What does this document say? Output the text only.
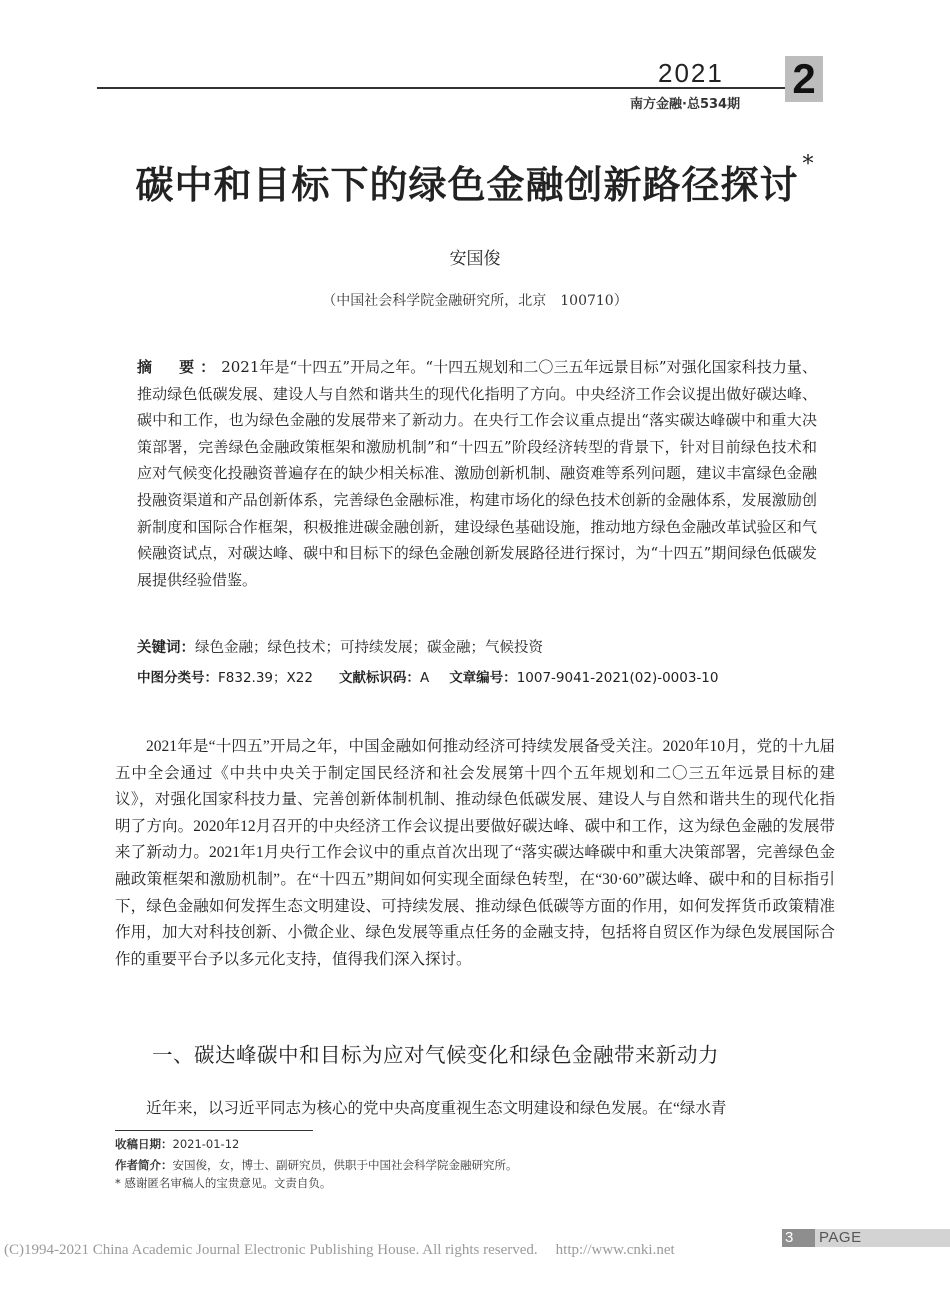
2021
南方金融·总534期
2
碳中和目标下的绿色金融创新路径探讨 *
安国俊
（中国社会科学院金融研究所，北京　100710）

摘　要：2021年是“十四五”开局之年。“十四五规划和二〇三五年远景目标”对强化国家科技力量、推动绿色低碳发展、建设人与自然和谐共生的现代化指明了方向。中央经济工作会议提出做好碳达峰、碳中和工作，也为绿色金融的发展带来了新动力。在央行工作会议重点提出“落实碳达峰碳中和重大决策部署，完善绿色金融政策框架和激励机制”和“十四五”阶段经济转型的背景下，针对目前绿色技术和应对气候变化投融资普遍存在的缺少相关标准、激励创新机制、融资难等系列问题，建议丰富绿色金融投融资渠道和产品创新体系，完善绿色金融标准，构建市场化的绿色技术创新的金融体系，发展激励创新制度和国际合作框架，积极推进碳金融创新，建设绿色基础设施，推动地方绿色金融改革试验区和气候融资试点，对碳达峰、碳中和目标下的绿色金融创新发展路径进行探讨，为“十四五”期间绿色低碳发展提供经验借鉴。

关键词：绿色金融；绿色技术；可持续发展；碳金融；气候投资
中图分类号：F832.39；X22 文献标识码：A 文章编号：1007-9041-2021(02)-0003-10

2021年是“十四五”开局之年，中国金融如何推动经济可持续发展备受关注。2020年10月，党的十九届五中全会通过《中共中央关于制定国民经济和社会发展第十四个五年规划和二〇三五年远景目标的建议》，对强化国家科技力量、完善创新体制机制、推动绿色低碳发展、建设人与自然和谐共生的现代化指明了方向。2020年12月召开的中央经济工作会议提出要做好碳达峰、碳中和工作，这为绿色金融的发展带来了新动力。2021年1月央行工作会议中的重点首次出现了“落实碳达峰碳中和重大决策部署，完善绿色金融政策框架和激励机制”。在“十四五”期间如何实现全面绿色转型，在“30·60”碳达峰、碳中和的目标指引下，绿色金融如何发挥生态文明建设、可持续发展、推动绿色低碳等方面的作用，如何发挥货币政策精准作用，加大对科技创新、小微企业、绿色发展等重点任务的金融支持，包括将自贸区作为绿色发展国际合作的重要平台予以多元化支持，值得我们深入探讨。

一、碳达峰碳中和目标为应对气候变化和绿色金融带来新动力

近年来，以习近平同志为核心的党中央高度重视生态文明建设和绿色发展。在“绿水青

收稿日期：2021-01-12
作者简介：安国俊，女，博士、副研究员，供职于中国社会科学院金融研究所。
* 感谢匿名审稿人的宝贵意见。文责自负。
3	PAGE
(C)1994-2021 China Academic Journal Electronic Publishing House. All rights reserved. http://www.cnki.net
